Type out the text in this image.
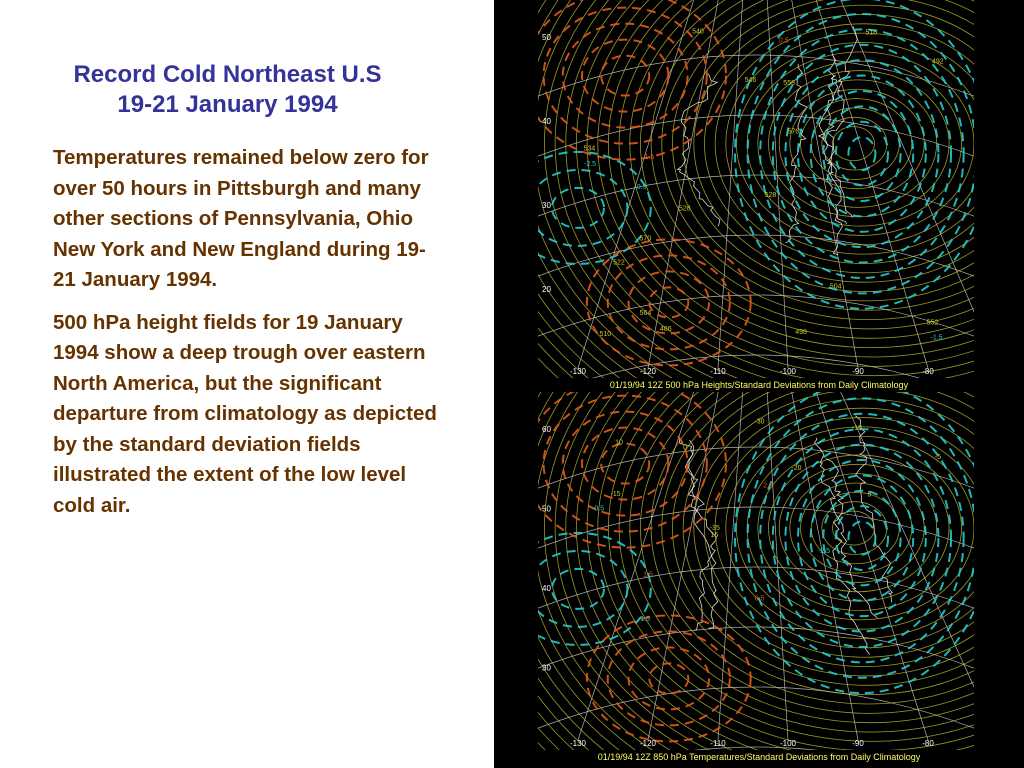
Record Cold Northeast U.S
19-21 January 1994

Temperatures remained below zero for over 50 hours in Pittsburgh and many other sections of Pennsylvania, Ohio New York and New England during 19-21 January 1994.

500 hPa height fields for 19 January 1994 show a deep trough over eastern North America, but the significant departure from climatology as depicted by the standard deviation fields illustrated the extent of the low level cold air.

-130	-120	-110	-100	-90	-80
50
40
30
20
522
528
528
534
540
546
552
558
564
570
576
516
510
504
498
492
486
-1.5
-0.5
0.5
1.5
-2.5
01/19/94 12Z 500 hPa Heights/Standard Deviations from Daily Climatology
-130	-120	-110	-100	-90	-80
60
50
40
30
-20
-15
-10
-5
0
5
10
15
-30
-35
-2.5
-1.5
-0.5
0.5
1.5
2.5
01/19/94 12Z 850 hPa Temperatures/Standard Deviations from Daily Climatology
